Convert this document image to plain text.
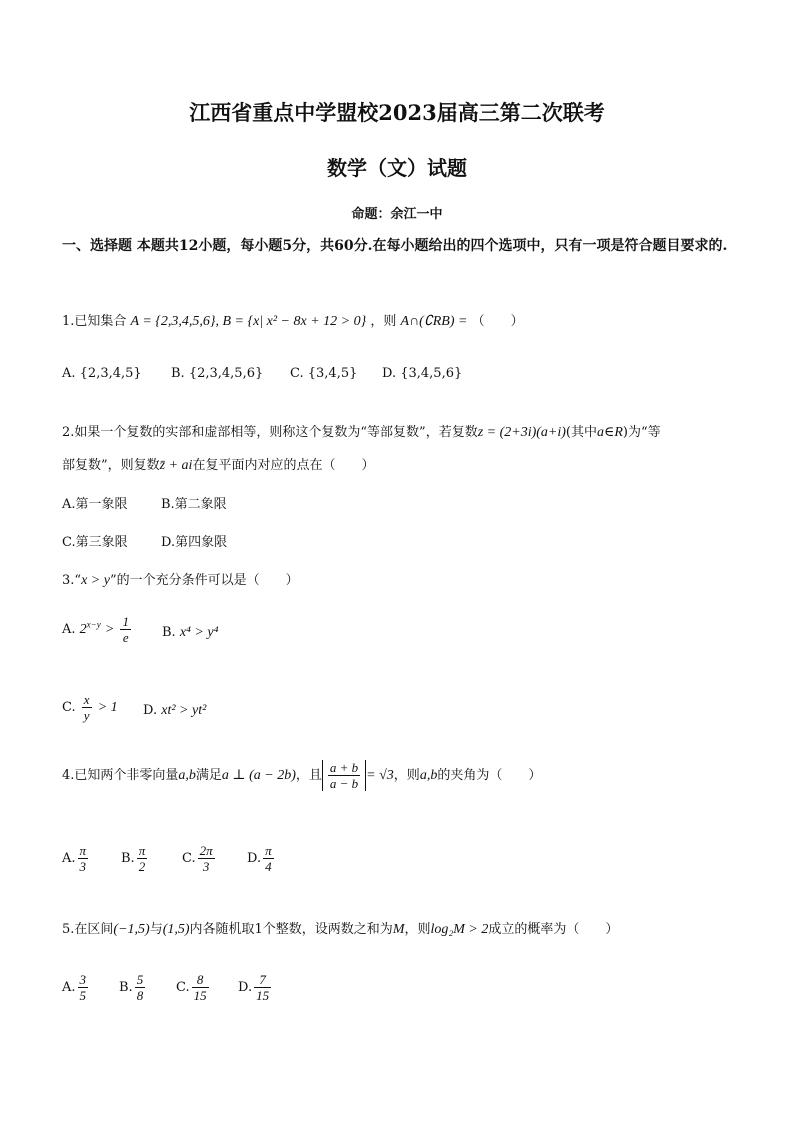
江西省重点中学盟校2023届高三第二次联考
数学（文）试题
命题：余江一中
一、选择题 本题共12小题，每小题5分，共60分.在每小题给出的四个选项中，只有一项是符合题目要求的.
1.已知集合 A = {2,3,4,5,6}, B = {x| x² − 8x + 12 > 0} ，则 A∩(∁RB) = （　　）
A. {2,3,4,5} B. {2,3,4,5,6} C. {3,4,5} D. {3,4,5,6}
2.如果一个复数的实部和虚部相等，则称这个复数为“等部复数”，若复数z = (2+3i)(a+i)(其中a∈R)为“等
部复数”，则复数z̄ + ai在复平面内对应的点在（　　）
A.第一象限	B.第二象限
C.第三象限	D.第四象限
3.“x > y”的一个充分条件可以是（　　）
A. $2^{x-y} > \frac{1}{e} B$. x⁴ > y⁴
C. $\frac{x}{y} > 1$ D. xt² > yt²
4.已知两个非零向量a,b满足a ⊥ (a − 2b)，且 $\frac{a + b}{a - b} = √3$，则a,b的夹角为（　　）
A. $\frac{\pi}{3}$	B. $\frac{\pi}{2}$	C. $\frac{2\pi}{3} D$. $\frac{\pi}{4}$
5.在区间(−1,5)与(1,5)内各随机取1个整数，设两数之和为M，则log₂M > 2成立的概率为（　　）
A. $\frac{3}{5} B$. $\frac{5}{8} C$. $\frac{8}{15} D$. $\frac{7}{15}$
